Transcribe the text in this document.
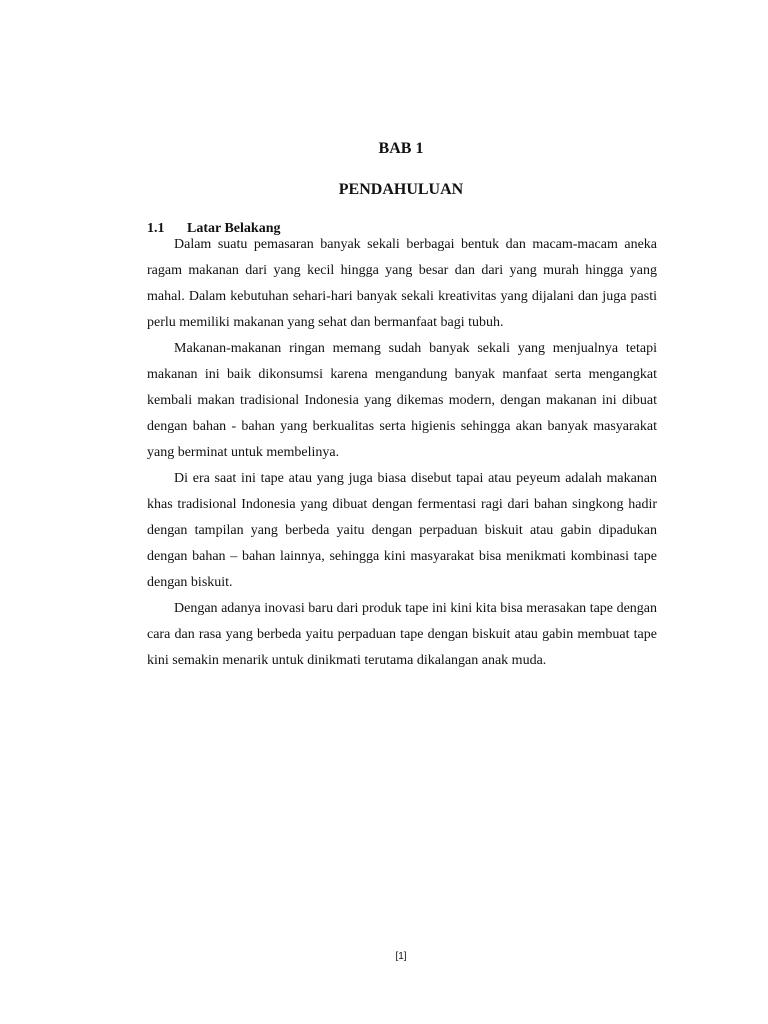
BAB 1
PENDAHULUAN
1.1 Latar Belakang

Dalam suatu pemasaran banyak sekali berbagai bentuk dan macam-macam aneka ragam makanan dari yang kecil hingga yang besar dan dari yang murah hingga yang mahal. Dalam kebutuhan sehari-hari banyak sekali kreativitas yang dijalani dan juga pasti perlu memiliki makanan yang sehat dan bermanfaat bagi tubuh.

Makanan-makanan ringan memang sudah banyak sekali yang menjualnya tetapi makanan ini baik dikonsumsi karena mengandung banyak manfaat serta mengangkat kembali makan tradisional Indonesia yang dikemas modern, dengan makanan ini dibuat dengan bahan - bahan yang berkualitas serta higienis sehingga akan banyak masyarakat yang berminat untuk membelinya.

Di era saat ini tape atau yang juga biasa disebut tapai atau peyeum adalah makanan khas tradisional Indonesia yang dibuat dengan fermentasi ragi dari bahan singkong hadir dengan tampilan yang berbeda yaitu dengan perpaduan biskuit atau gabin dipadukan dengan bahan – bahan lainnya, sehingga kini masyarakat bisa menikmati kombinasi tape dengan biskuit.

Dengan adanya inovasi baru dari produk tape ini kini kita bisa merasakan tape dengan cara dan rasa yang berbeda yaitu perpaduan tape dengan biskuit atau gabin membuat tape kini semakin menarik untuk dinikmati terutama dikalangan anak muda.

[1]
